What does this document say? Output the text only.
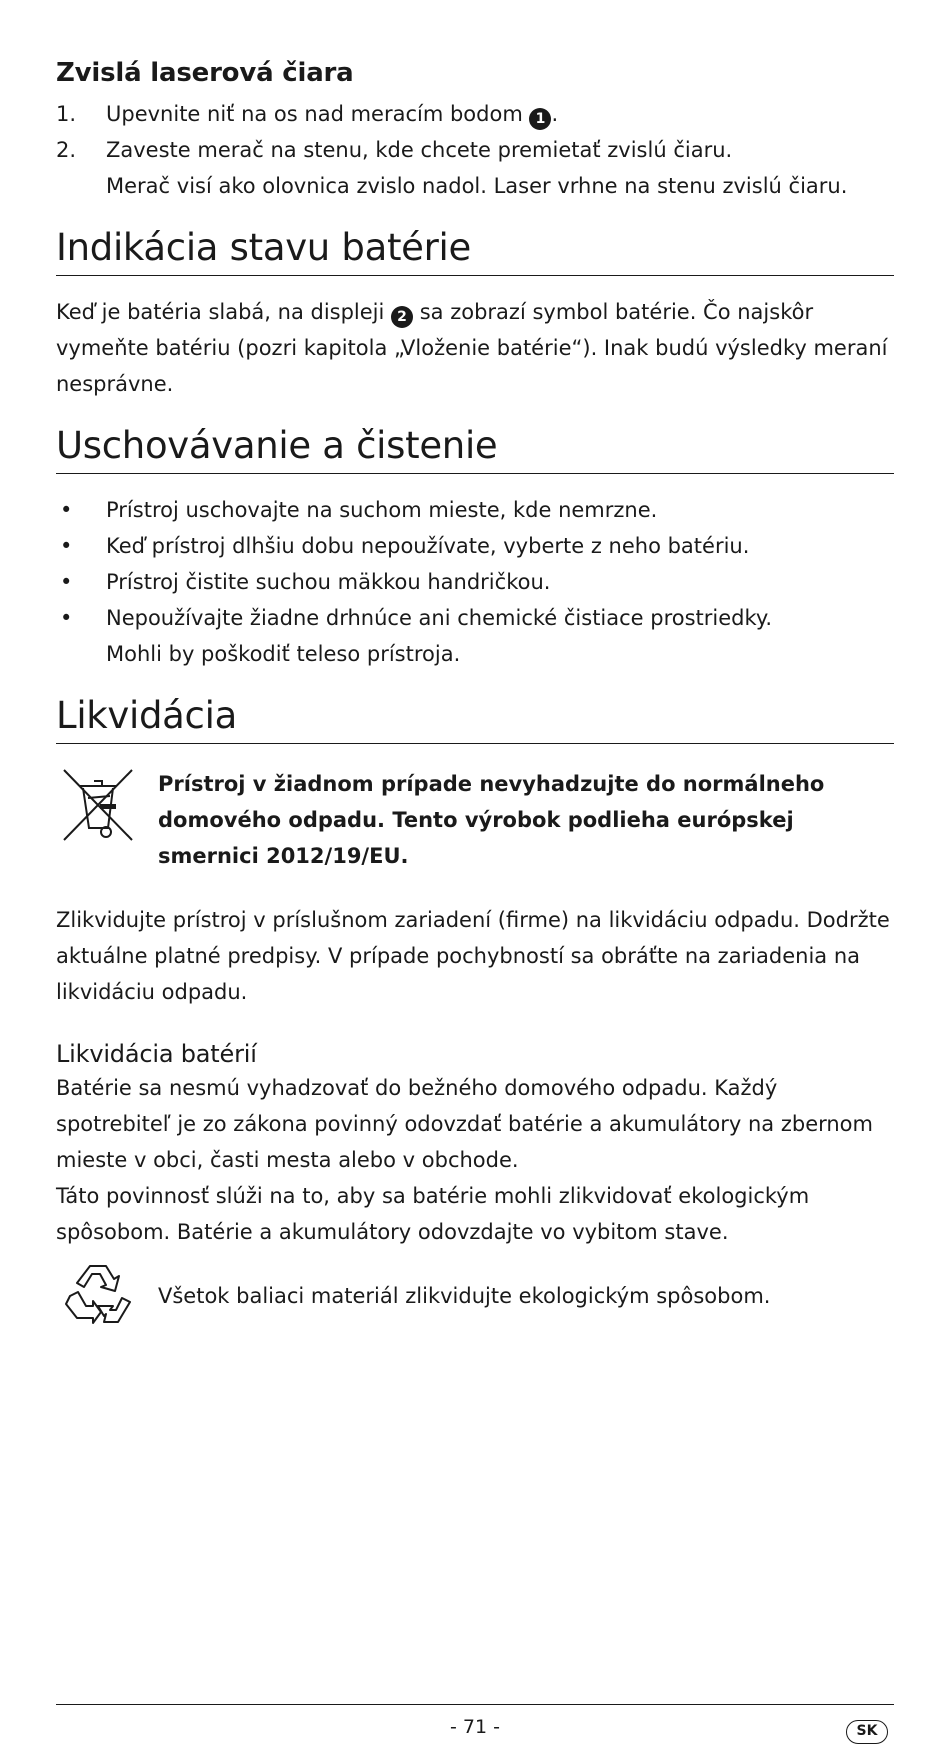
Zvislá laserová čiara
1. Upevnite niť na os nad meracím bodom 1 .
2. Zaveste merač na stenu, kde chcete premietať zvislú čiaru.
Merač visí ako olovnica zvislo nadol. Laser vrhne na stenu zvislú čiaru.
Indikácia stavu batérie

Keď je batéria slabá, na displeji 2 sa zobrazí symbol batérie. Čo najskôr vymeňte batériu (pozri kapitola „Vloženie batérie“). Inak budú výsledky meraní nesprávne.

Uschovávanie a čistenie
• Prístroj uschovajte na suchom mieste, kde nemrzne.
• Keď prístroj dlhšiu dobu nepoužívate, vyberte z neho batériu.
• Prístroj čistite suchou mäkkou handričkou.
• Nepoužívajte žiadne drhnúce ani chemické čistiace prostriedky.
Mohli by poškodiť teleso prístroja.
Likvidácia

Prístroj v žiadnom prípade nevyhadzujte do normálneho domového odpadu. Tento výrobok podlieha európskej smernici 2012/19/EU.

Zlikvidujte prístroj v príslušnom zariadení (firme) na likvidáciu odpadu. Dodržte aktuálne platné predpisy. V prípade pochybností sa obráťte na zariadenia na likvidáciu odpadu.

Likvidácia batérií

Batérie sa nesmú vyhadzovať do bežného domového odpadu. Každý spotrebiteľ je zo zákona povinný odovzdať batérie a akumulátory na zbernom mieste v obci, časti mesta alebo v obchode.

Táto povinnosť slúži na to, aby sa batérie mohli zlikvidovať ekologickým spôsobom. Batérie a akumulátory odovzdajte vo vybitom stave.

Všetok baliaci materiál zlikvidujte ekologickým spôsobom.

- 71 -	SK
